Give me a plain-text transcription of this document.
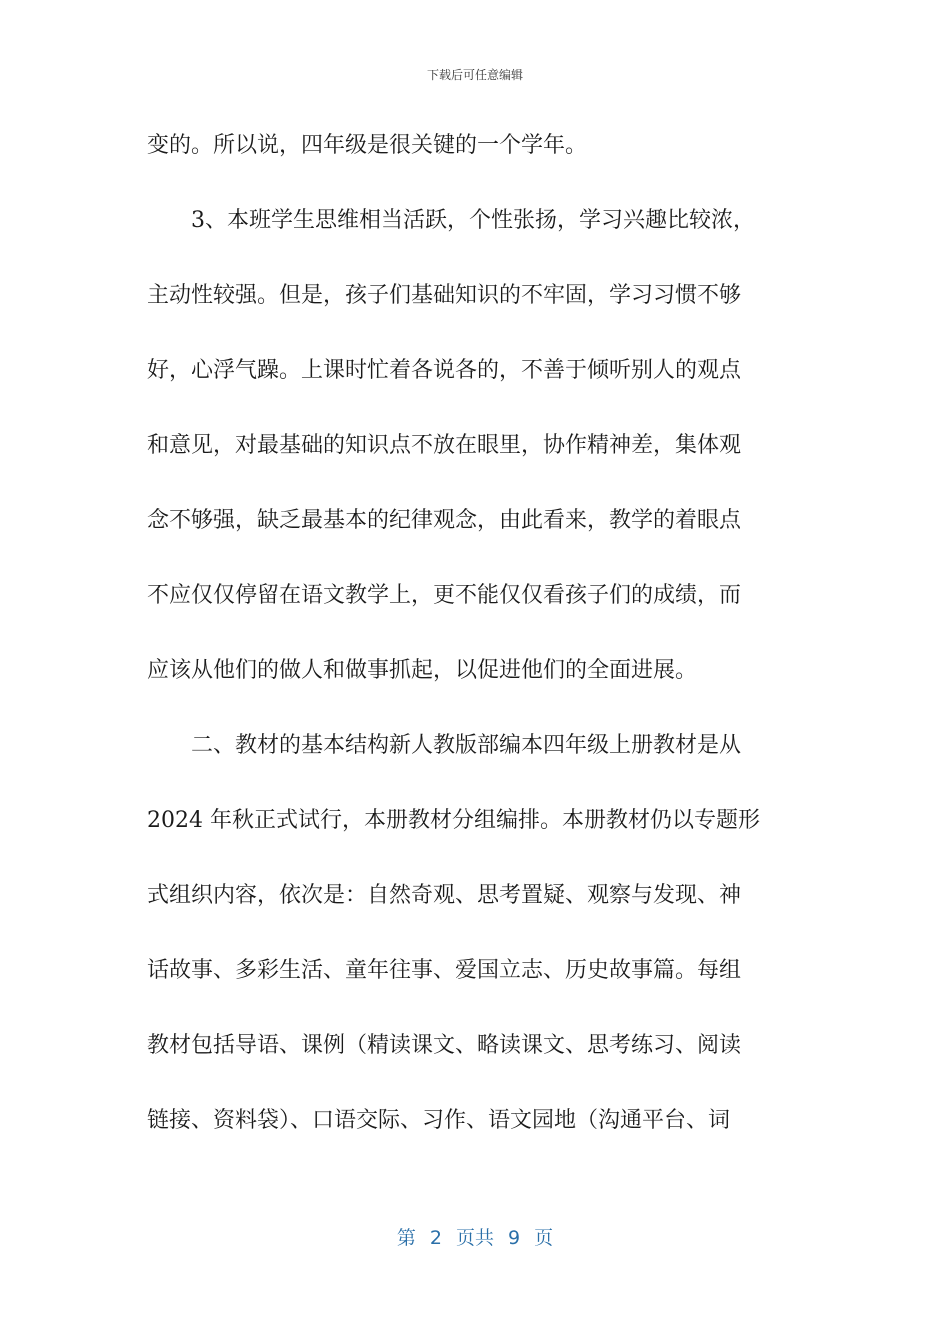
下载后可任意编辑
变的。所以说，四年级是很关键的一个学年。
　　3、本班学生思维相当活跃，个性张扬，学习兴趣比较浓，
主动性较强。但是，孩子们基础知识的不牢固，学习习惯不够
好，心浮气躁。上课时忙着各说各的，不善于倾听别人的观点
和意见，对最基础的知识点不放在眼里，协作精神差，集体观
念不够强，缺乏最基本的纪律观念，由此看来，教学的着眼点
不应仅仅停留在语文教学上，更不能仅仅看孩子们的成绩，而
应该从他们的做人和做事抓起，以促进他们的全面进展。
　　二、教材的基本结构新人教版部编本四年级上册教材是从
2024 年秋正式试行，本册教材分组编排。本册教材仍以专题形
式组织内容，依次是：自然奇观、思考置疑、观察与发现、神
话故事、多彩生活、童年往事、爱国立志、历史故事篇。每组
教材包括导语、课例（精读课文、略读课文、思考练习、阅读
链接、资料袋）、口语交际、习作、语文园地（沟通平台、词
第 2 页共 9 页
